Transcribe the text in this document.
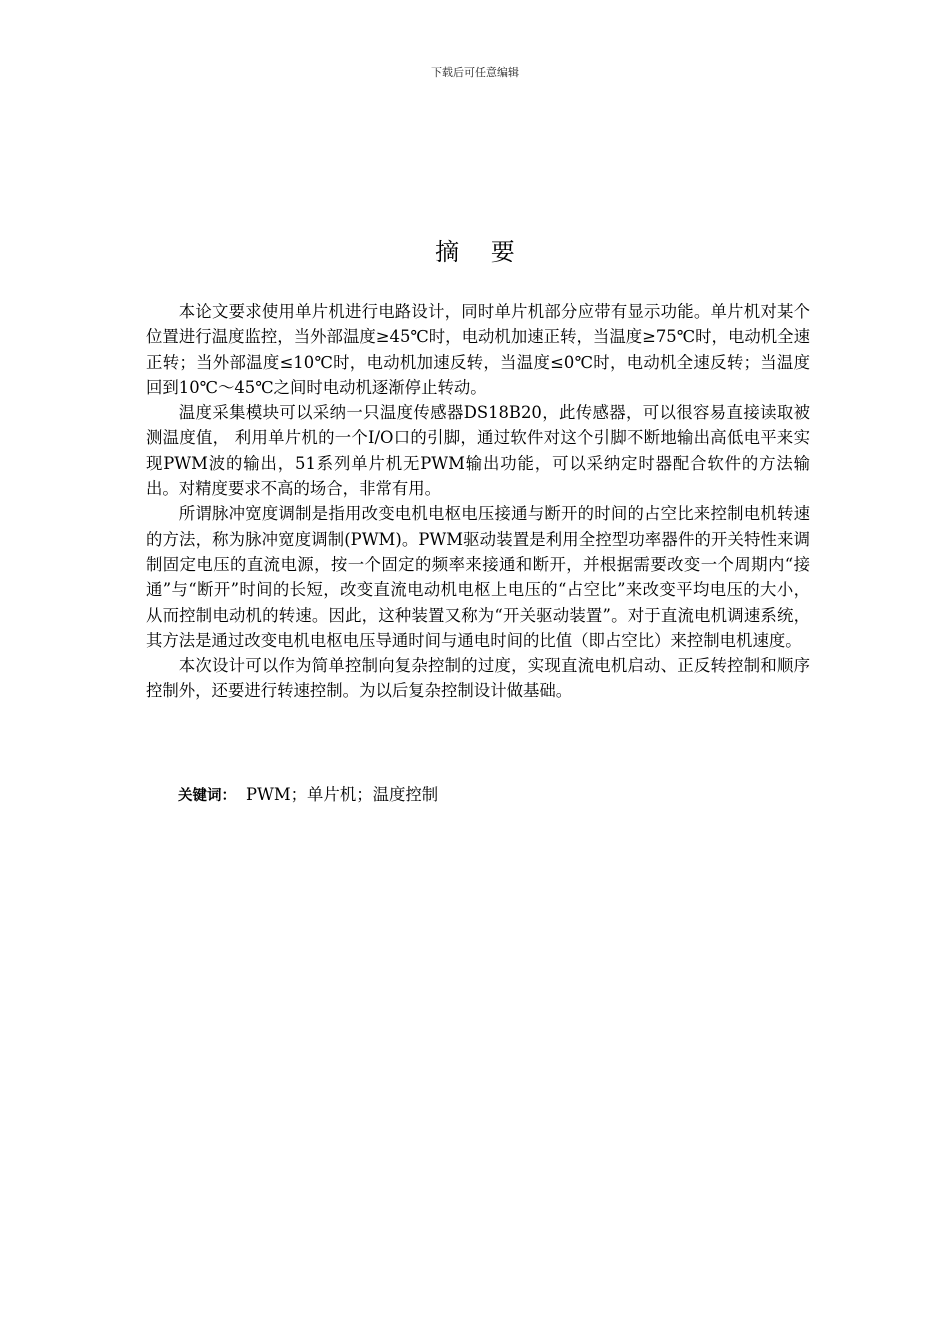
下载后可任意编辑
摘 要

本论文要求使用单片机进行电路设计，同时单片机部分应带有显示功能。单片机对某个位置进行温度监控，当外部温度≥45℃时，电动机加速正转，当温度≥75℃时，电动机全速正转；当外部温度≤10℃时，电动机加速反转，当温度≤0℃时，电动机全速反转；当温度回到10℃～45℃之间时电动机逐渐停止转动。

温度采集模块可以采纳一只温度传感器DS18B20，此传感器，可以很容易直接读取被测温度值， 利用单片机的一个I/O口的引脚，通过软件对这个引脚不断地输出高低电平来实现PWM波的输出，51系列单片机无PWM输出功能，可以采纳定时器配合软件的方法输出。对精度要求不高的场合，非常有用。

所谓脉冲宽度调制是指用改变电机电枢电压接通与断开的时间的占空比来控制电机转速的方法，称为脉冲宽度调制(PWM)。PWM驱动装置是利用全控型功率器件的开关特性来调制固定电压的直流电源，按一个固定的频率来接通和断开，并根据需要改变一个周期内“接通”与“断开”时间的长短，改变直流电动机电枢上电压的“占空比”来改变平均电压的大小，从而控制电动机的转速。因此，这种装置又称为“开关驱动装置”。对于直流电机调速系统，其方法是通过改变电机电枢电压导通时间与通电时间的比值（即占空比）来控制电机速度。

本次设计可以作为简单控制向复杂控制的过度，实现直流电机启动、正反转控制和顺序控制外，还要进行转速控制。为以后复杂控制设计做基础。

关键词： PWM；单片机；温度控制
